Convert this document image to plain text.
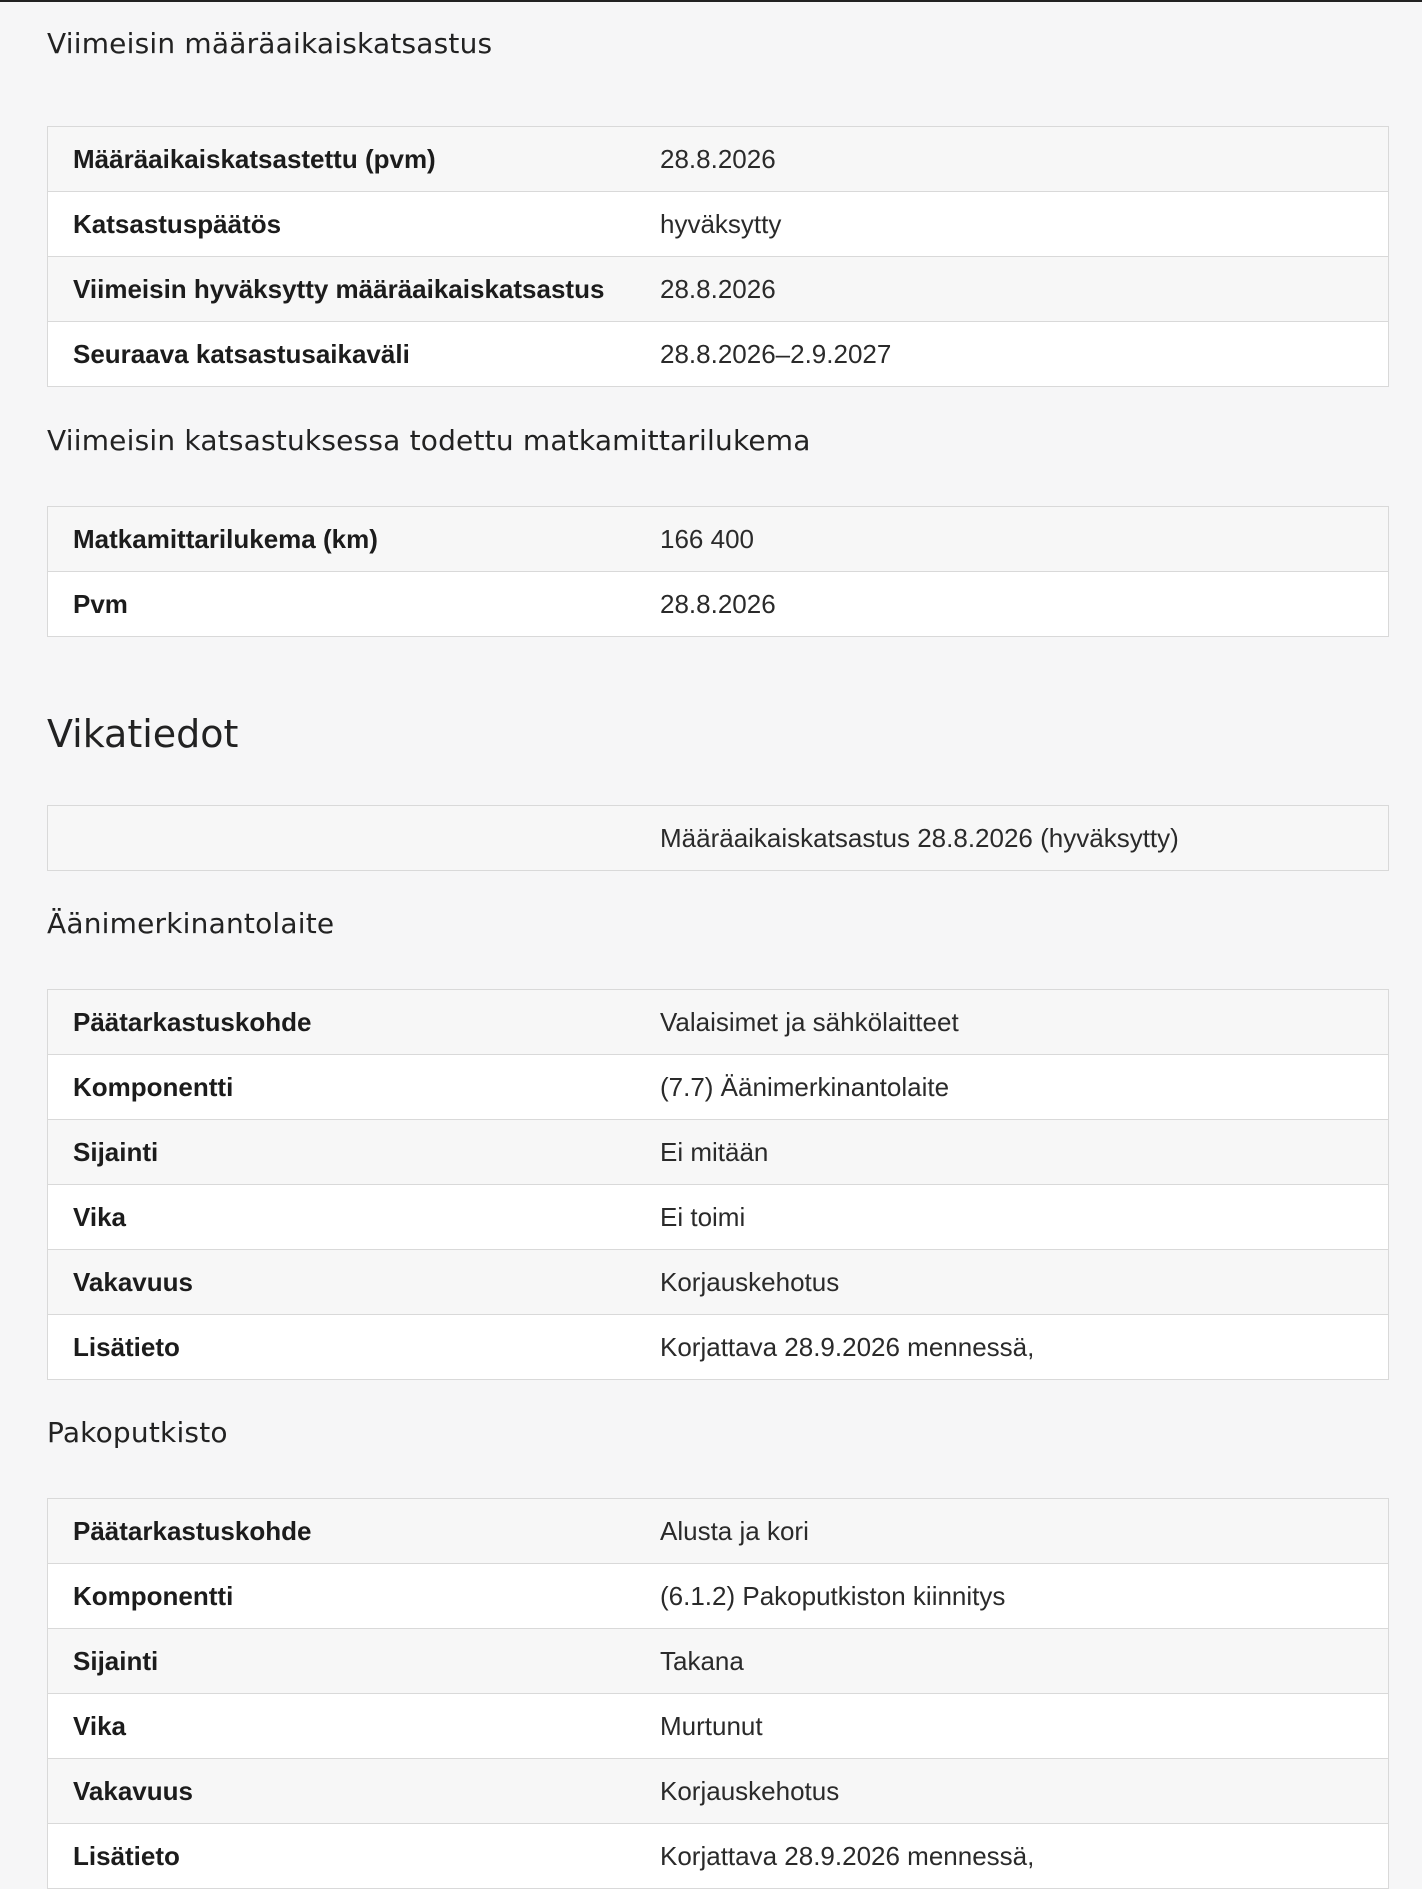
Viimeisin määräaikaiskatsastus
Määräaikaiskatsastettu (pvm)	28.8.2026
Katsastuspäätös	hyväksytty
Viimeisin hyväksytty määräaikaiskatsastus	28.8.2026
Seuraava katsastusaikaväli	28.8.2026–2.9.2027
Viimeisin katsastuksessa todettu matkamittarilukema
Matkamittarilukema (km)	166 400
Pvm	28.8.2026
Vikatiedot
	Määräaikaiskatsastus 28.8.2026 (hyväksytty)
Äänimerkinantolaite
Päätarkastuskohde	Valaisimet ja sähkölaitteet
Komponentti	(7.7) Äänimerkinantolaite
Sijainti	Ei mitään
Vika	Ei toimi
Vakavuus	Korjauskehotus
Lisätieto	Korjattava 28.9.2026 mennessä,
Pakoputkisto
Päätarkastuskohde	Alusta ja kori
Komponentti	(6.1.2) Pakoputkiston kiinnitys
Sijainti	Takana
Vika	Murtunut
Vakavuus	Korjauskehotus
Lisätieto	Korjattava 28.9.2026 mennessä,
